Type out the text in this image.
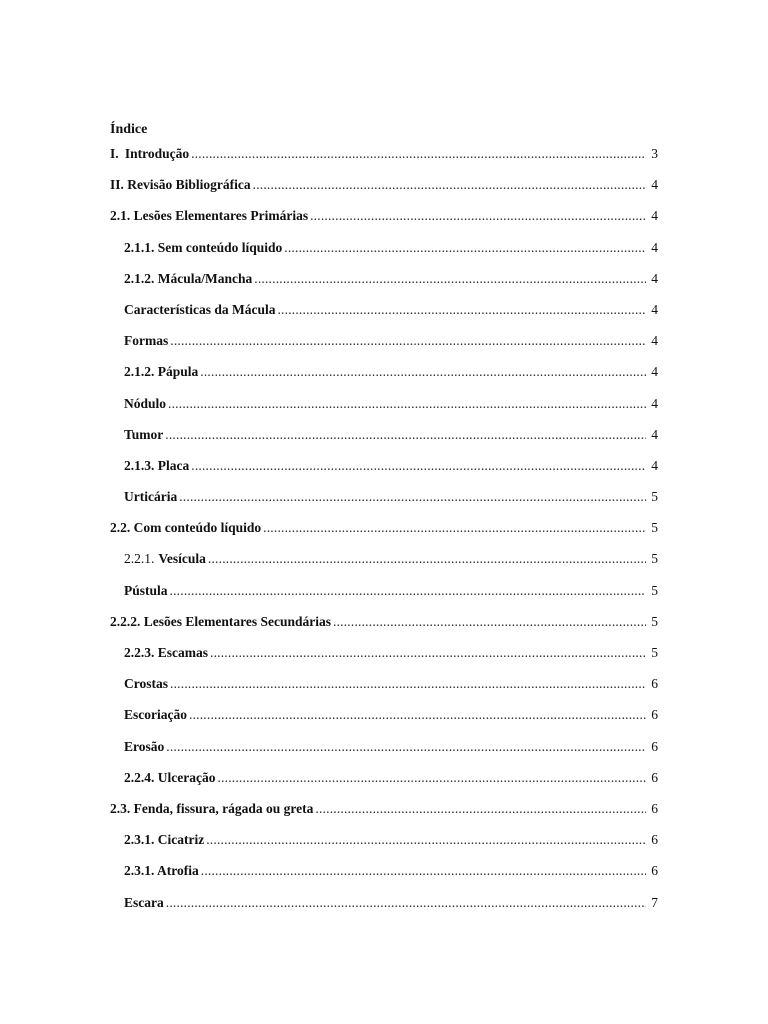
Índice
I. Introdução .....	3
II. Revisão Bibliográfica .....	4
2.1. Lesões Elementares Primárias .....	4
2.1.1. Sem conteúdo líquido .....	4
2.1.2. Mácula/Mancha .....	4
Características da Mácula .....	4
Formas .....	4
2.1.2. Pápula .....	4
Nódulo .....	4
Tumor .....	4
2.1.3. Placa .....	4
Urticária .....	5
2.2. Com conteúdo líquido .....	5
2.2.1. Vesícula .....	5
Pústula .....	5
2.2.2. Lesões Elementares Secundárias .....	5
2.2.3. Escamas .....	5
Crostas .....	6
Escoriação .....	6
Erosão .....	6
2.2.4. Ulceração .....	6
2.3. Fenda, fissura, rágada ou greta .....	6
2.3.1. Cicatriz .....	6
2.3.1. Atrofia .....	6
Escara .....	7
